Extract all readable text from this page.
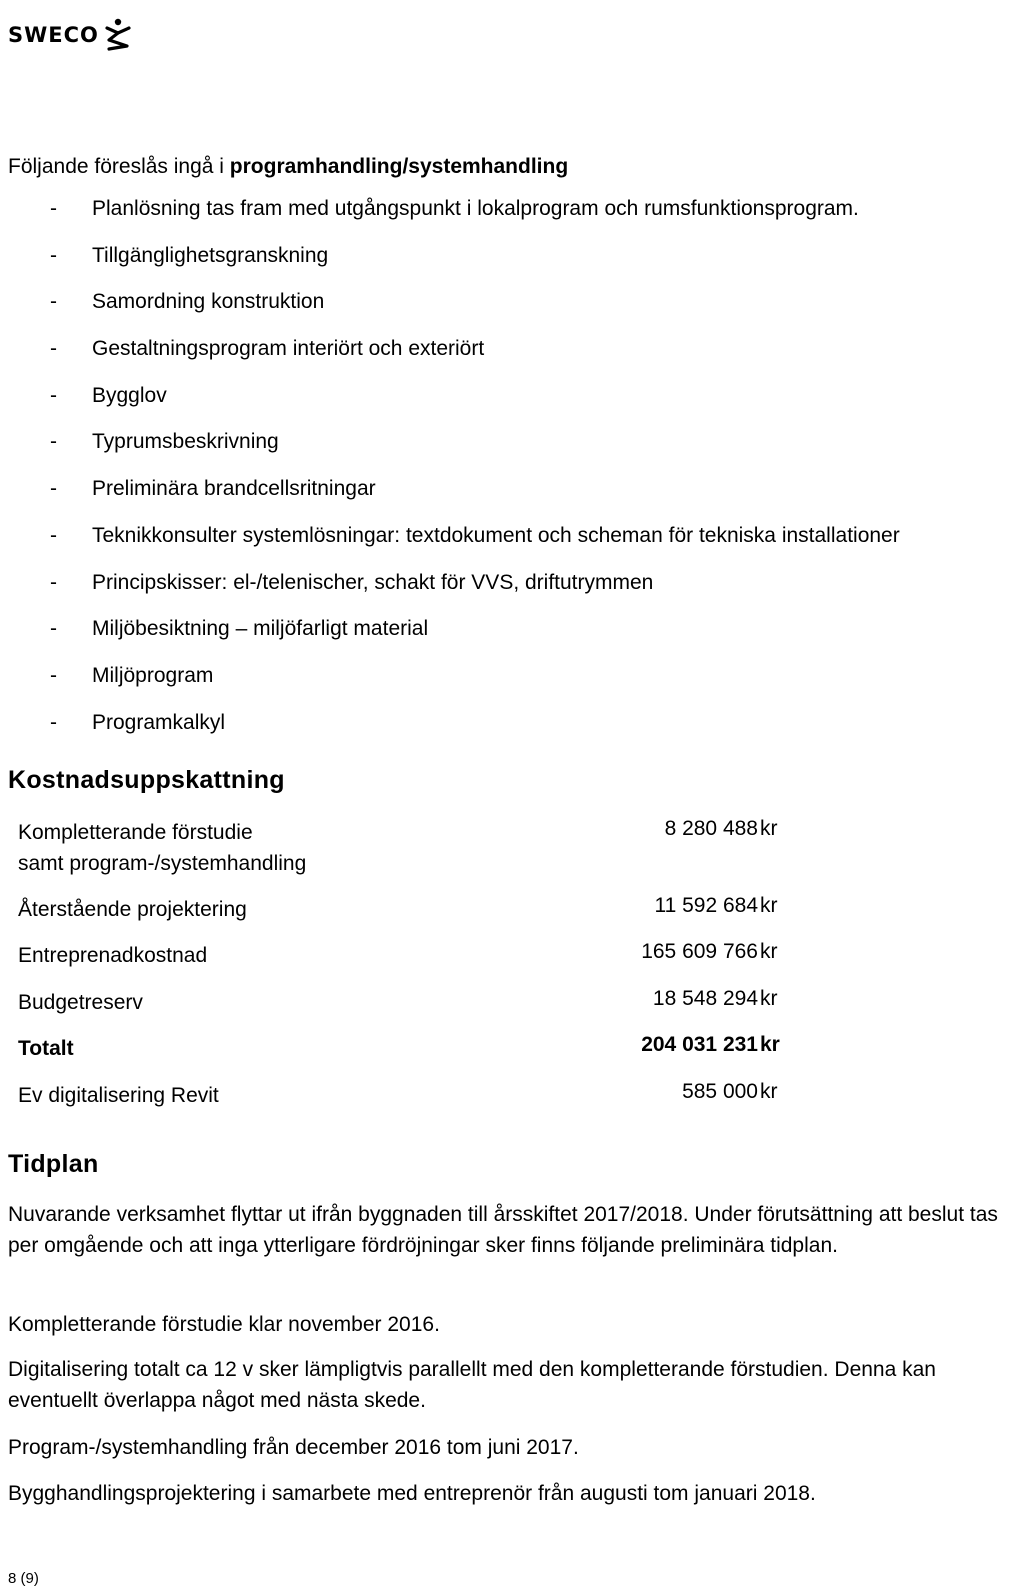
SWECO
Följande föreslås ingå i programhandling/systemhandling
- Planlösning tas fram med utgångspunkt i lokalprogram och rumsfunktionsprogram.
- Tillgänglighetsgranskning
- Samordning konstruktion
- Gestaltningsprogram interiört och exteriört
- Bygglov
- Typrumsbeskrivning
- Preliminära brandcellsritningar
- Teknikkonsulter systemlösningar: textdokument och scheman för tekniska installationer
- Principskisser: el-/telenischer, schakt för VVS, driftutrymmen
- Miljöbesiktning – miljöfarligt material
- Miljöprogram
- Programkalkyl
Kostnadsuppskattning
Kompletterande förstudie
samt program-/systemhandling
8 280 488 kr
Återstående projektering	11 592 684 kr
Entreprenadkostnad	165 609 766 kr
Budgetreserv	18 548 294 kr
Totalt	204 031 231 kr
Ev digitalisering Revit	585 000 kr
Tidplan

Nuvarande verksamhet flyttar ut ifrån byggnaden till årsskiftet 2017/2018. Under förutsättning att beslut tas per omgående och att inga ytterligare fördröjningar sker finns följande preliminära tidplan.

Kompletterande förstudie klar november 2016.

Digitalisering totalt ca 12 v sker lämpligtvis parallellt med den kompletterande förstudien. Denna kan eventuellt överlappa något med nästa skede.

Program-/systemhandling från december 2016 tom juni 2017.

Bygghandlingsprojektering i samarbete med entreprenör från augusti tom januari 2018.

8 (9)
